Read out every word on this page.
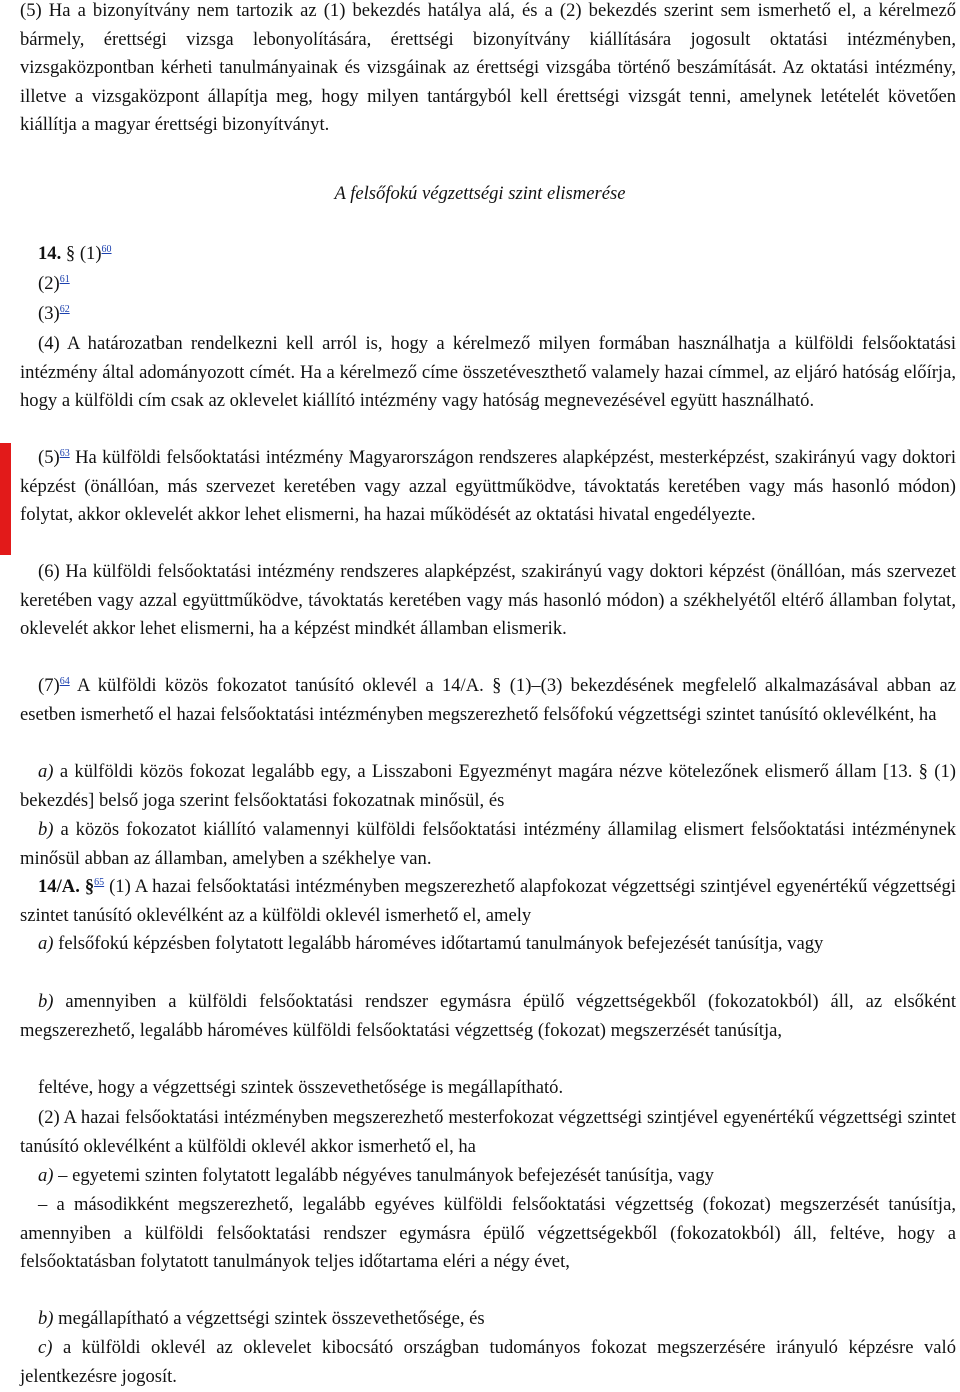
(5) Ha a bizonyítvány nem tartozik az (1) bekezdés hatálya alá, és a (2) bekezdés szerint sem ismerhető el, a kérelmező bármely, érettségi vizsga lebonyolítására, érettségi bizonyítvány kiállítására jogosult oktatási intézményben, vizsgaközpontban kérheti tanulmányainak és vizsgáinak az érettségi vizsgába történő beszámítását. Az oktatási intézmény, illetve a vizsgaközpont állapítja meg, hogy milyen tantárgyból kell érettségi vizsgát tenni, amelynek letételét követően kiállítja a magyar érettségi bizonyítványt.

A felsőfokú végzettségi szint elismerése

14. § $(1)^{60}$

$(2)^{61}$

$(3)^{62}$

(4) A határozatban rendelkezni kell arról is, hogy a kérelmező milyen formában használhatja a külföldi felsőoktatási intézmény által adományozott címét. Ha a kérelmező címe összetéveszthető valamely hazai címmel, az eljáró hatóság előírja, hogy a külföldi cím csak az oklevelet kiállító intézmény vagy hatóság megnevezésével együtt használható.

$(5)^{63}$ Ha külföldi felsőoktatási intézmény Magyarországon rendszeres alapképzést, mesterképzést, szakirányú vagy doktori képzést (önállóan, más szervezet keretében vagy azzal együttműködve, távoktatás keretében vagy más hasonló módon) folytat, akkor oklevelét akkor lehet elismerni, ha hazai működését az oktatási hivatal engedélyezte.

(6) Ha külföldi felsőoktatási intézmény rendszeres alapképzést, szakirányú vagy doktori képzést (önállóan, más szervezet keretében vagy azzal együttműködve, távoktatás keretében vagy más hasonló módon) a székhelyétől eltérő államban folytat, oklevelét akkor lehet elismerni, ha a képzést mindkét államban elismerik.

$(7)^{64}$ A külföldi közös fokozatot tanúsító oklevél a 14/A. § (1)–(3) bekezdésének megfelelő alkalmazásával abban az esetben ismerhető el hazai felsőoktatási intézményben megszerezhető felsőfokú végzettségi szintet tanúsító oklevélként, ha

a) a külföldi közös fokozat legalább egy, a Lisszaboni Egyezményt magára nézve kötelezőnek elismerő állam [13. § (1) bekezdés] belső joga szerint felsőoktatási fokozatnak minősül, és

b) a közös fokozatot kiállító valamennyi külföldi felsőoktatási intézmény államilag elismert felsőoktatási intézménynek minősül abban az államban, amelyben a székhelye van.

14/A. §$^{65}$ (1) A hazai felsőoktatási intézményben megszerezhető alapfokozat végzettségi szintjével egyenértékű végzettségi szintet tanúsító oklevélként az a külföldi oklevél ismerhető el, amely

a) felsőfokú képzésben folytatott legalább hároméves időtartamú tanulmányok befejezését tanúsítja, vagy

b) amennyiben a külföldi felsőoktatási rendszer egymásra épülő végzettségekből (fokozatokból) áll, az elsőként megszerezhető, legalább hároméves külföldi felsőoktatási végzettség (fokozat) megszerzését tanúsítja,

feltéve, hogy a végzettségi szintek összevethetősége is megállapítható.

(2) A hazai felsőoktatási intézményben megszerezhető mesterfokozat végzettségi szintjével egyenértékű végzettségi szintet tanúsító oklevélként a külföldi oklevél akkor ismerhető el, ha

a) – egyetemi szinten folytatott legalább négyéves tanulmányok befejezését tanúsítja, vagy

– a másodikként megszerezhető, legalább egyéves külföldi felsőoktatási végzettség (fokozat) megszerzését tanúsítja, amennyiben a külföldi felsőoktatási rendszer egymásra épülő végzettségekből (fokozatokból) áll, feltéve, hogy a felsőoktatásban folytatott tanulmányok teljes időtartama eléri a négy évet,

b) megállapítható a végzettségi szintek összevethetősége, és

c) a külföldi oklevél az oklevelet kibocsátó országban tudományos fokozat megszerzésére irányuló képzésre való jelentkezésre jogosít.
